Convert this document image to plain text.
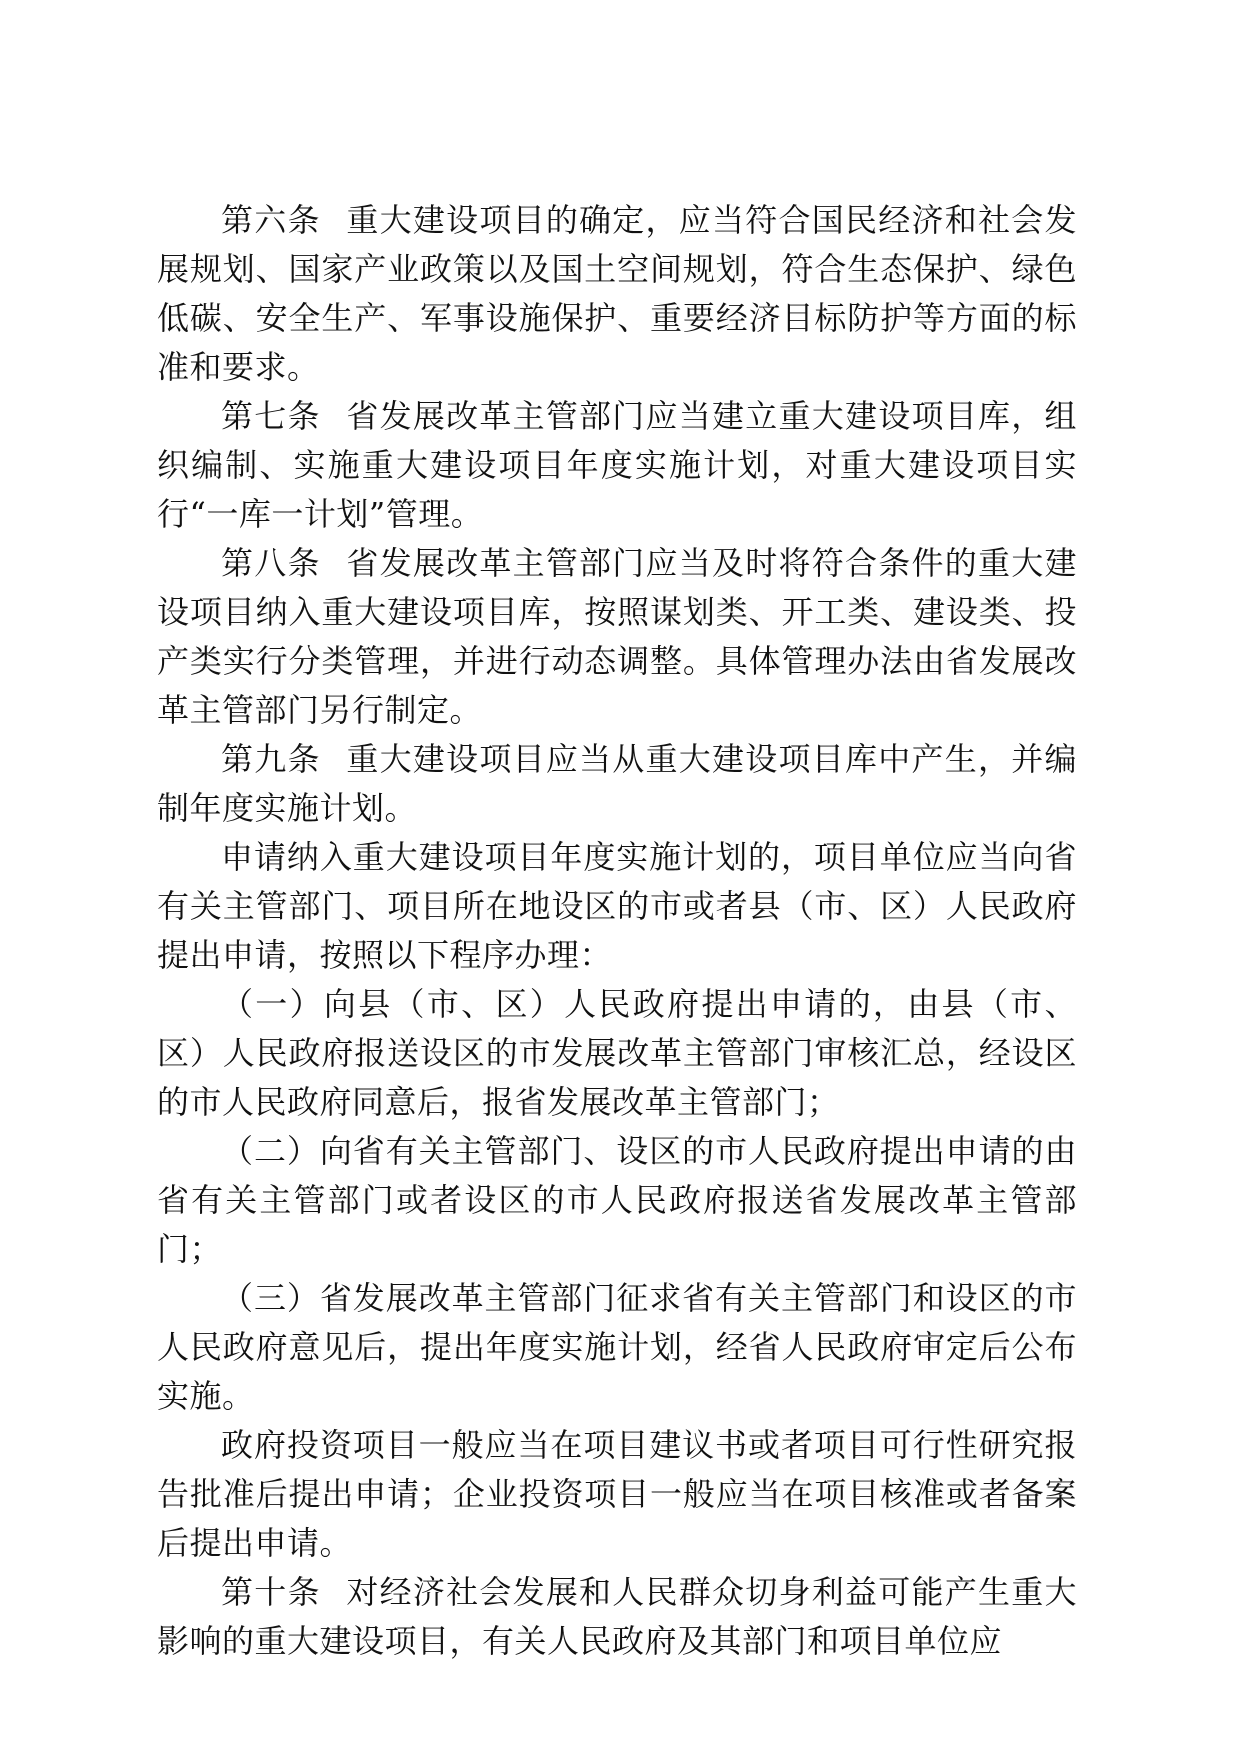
第六条 重大建设项目的确定，应当符合国民经济和社会发展规划、国家产业政策以及国土空间规划，符合生态保护、绿色低碳、安全生产、军事设施保护、重要经济目标防护等方面的标准和要求。

第七条 省发展改革主管部门应当建立重大建设项目库，组织编制、实施重大建设项目年度实施计划，对重大建设项目实行“一库一计划”管理。

第八条 省发展改革主管部门应当及时将符合条件的重大建设项目纳入重大建设项目库，按照谋划类、开工类、建设类、投产类实行分类管理，并进行动态调整。具体管理办法由省发展改革主管部门另行制定。

第九条 重大建设项目应当从重大建设项目库中产生，并编制年度实施计划。

申请纳入重大建设项目年度实施计划的，项目单位应当向省有关主管部门、项目所在地设区的市或者县（市、区）人民政府提出申请，按照以下程序办理：

（一）向县（市、区）人民政府提出申请的，由县（市、区）人民政府报送设区的市发展改革主管部门审核汇总，经设区的市人民政府同意后，报省发展改革主管部门；

（二）向省有关主管部门、设区的市人民政府提出申请的由省有关主管部门或者设区的市人民政府报送省发展改革主管部门；

（三）省发展改革主管部门征求省有关主管部门和设区的市人民政府意见后，提出年度实施计划，经省人民政府审定后公布实施。

政府投资项目一般应当在项目建议书或者项目可行性研究报告批准后提出申请；企业投资项目一般应当在项目核准或者备案后提出申请。

第十条 对经济社会发展和人民群众切身利益可能产生重大影响的重大建设项目，有关人民政府及其部门和项目单位应
